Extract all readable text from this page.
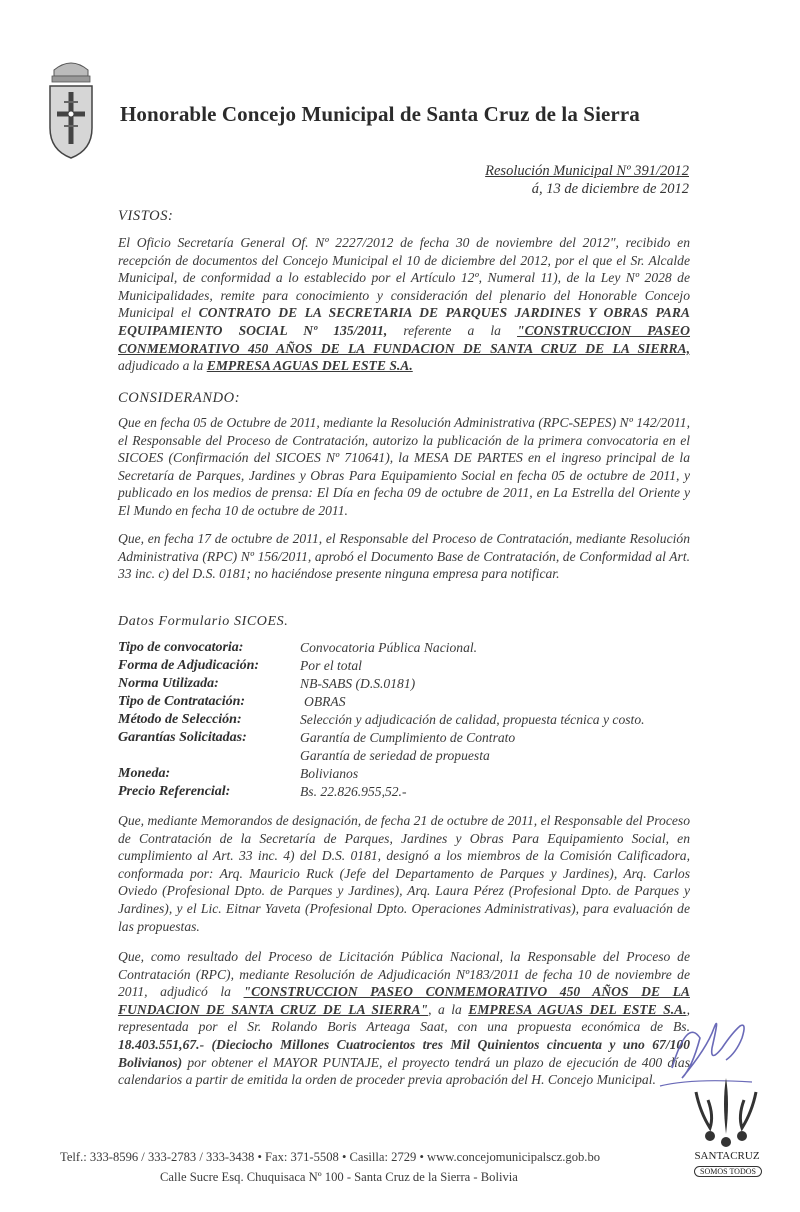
Honorable Concejo Municipal de Santa Cruz de la Sierra
Resolución Municipal Nº 391/2012
á, 13 de diciembre de 2012
VISTOS:
El Oficio Secretaría General Of. Nº 2227/2012 de fecha 30 de noviembre del 2012", recibido en recepción de documentos del Concejo Municipal el 10 de diciembre del 2012, por el que el Sr. Alcalde Municipal, de conformidad a lo establecido por el Artículo 12º, Numeral 11), de la Ley Nº 2028 de Municipalidades, remite para conocimiento y consideración del plenario del Honorable Concejo Municipal el CONTRATO DE LA SECRETARIA DE PARQUES JARDINES Y OBRAS PARA EQUIPAMIENTO SOCIAL Nº 135/2011, referente a la "CONSTRUCCION PASEO CONMEMORATIVO 450 AÑOS DE LA FUNDACION DE SANTA CRUZ DE LA SIERRA, adjudicado a la EMPRESA AGUAS DEL ESTE S.A.
CONSIDERANDO:
Que en fecha 05 de Octubre de 2011, mediante la Resolución Administrativa (RPC-SEPES) Nº 142/2011, el Responsable del Proceso de Contratación, autorizo la publicación de la primera convocatoria en el SICOES (Confirmación del SICOES Nº 710641), la MESA DE PARTES en el ingreso principal de la Secretaría de Parques, Jardines y Obras Para Equipamiento Social en fecha 05 de octubre de 2011, y publicado en los medios de prensa: El Día en fecha 09 de octubre de 2011, en La Estrella del Oriente y El Mundo en fecha 10 de octubre de 2011.
Que, en fecha 17 de octubre de 2011, el Responsable del Proceso de Contratación, mediante Resolución Administrativa (RPC) Nº 156/2011, aprobó el Documento Base de Contratación, de Conformidad al Art. 33 inc. c) del D.S. 0181; no haciéndose presente ninguna empresa para notificar.
Datos Formulario SICOES.
Tipo de convocatoria:	Convocatoria Pública Nacional.
Forma de Adjudicación:	Por el total
Norma Utilizada:	NB-SABS (D.S.0181)
Tipo de Contratación:	OBRAS
Método de Selección:	Selección y adjudicación de calidad, propuesta técnica y costo.
Garantías Solicitadas:	Garantía de Cumplimiento de Contrato
Garantía de seriedad de propuesta
Moneda:	Bolivianos
Precio Referencial:	Bs. 22.826.955,52.-
Que, mediante Memorandos de designación, de fecha 21 de octubre de 2011, el Responsable del Proceso de Contratación de la Secretaría de Parques, Jardines y Obras Para Equipamiento Social, en cumplimiento al Art. 33 inc. 4) del D.S. 0181, designó a los miembros de la Comisión Calificadora, conformada por: Arq. Mauricio Ruck (Jefe del Departamento de Parques y Jardines), Arq. Carlos Oviedo (Profesional Dpto. de Parques y Jardines), Arq. Laura Pérez (Profesional Dpto. de Parques y Jardines), y el Lic. Eitnar Yaveta (Profesional Dpto. Operaciones Administrativas), para evaluación de las propuestas.
Que, como resultado del Proceso de Licitación Pública Nacional, la Responsable del Proceso de Contratación (RPC), mediante Resolución de Adjudicación Nº183/2011 de fecha 10 de noviembre de 2011, adjudicó la "CONSTRUCCION PASEO CONMEMORATIVO 450 AÑOS DE LA FUNDACION DE SANTA CRUZ DE LA SIERRA", a la EMPRESA AGUAS DEL ESTE S.A., representada por el Sr. Rolando Boris Arteaga Saat, con una propuesta económica de Bs. 18.403.551,67.- (Dieciocho Millones Cuatrocientos tres Mil Quinientos cincuenta y uno 67/100 Bolivianos) por obtener el MAYOR PUNTAJE, el proyecto tendrá un plazo de ejecución de 400 días calendarios a partir de emitida la orden de proceder previa aprobación del H. Concejo Municipal.
Telf.: 333-8596 / 333-2783 / 333-3438 • Fax: 371-5508 • Casilla: 2729 • www.concejomunicipalscz.gob.bo
Calle Sucre Esq. Chuquisaca Nº 100 - Santa Cruz de la Sierra - Bolivia
SANTACRUZ
SOMOS TODOS
